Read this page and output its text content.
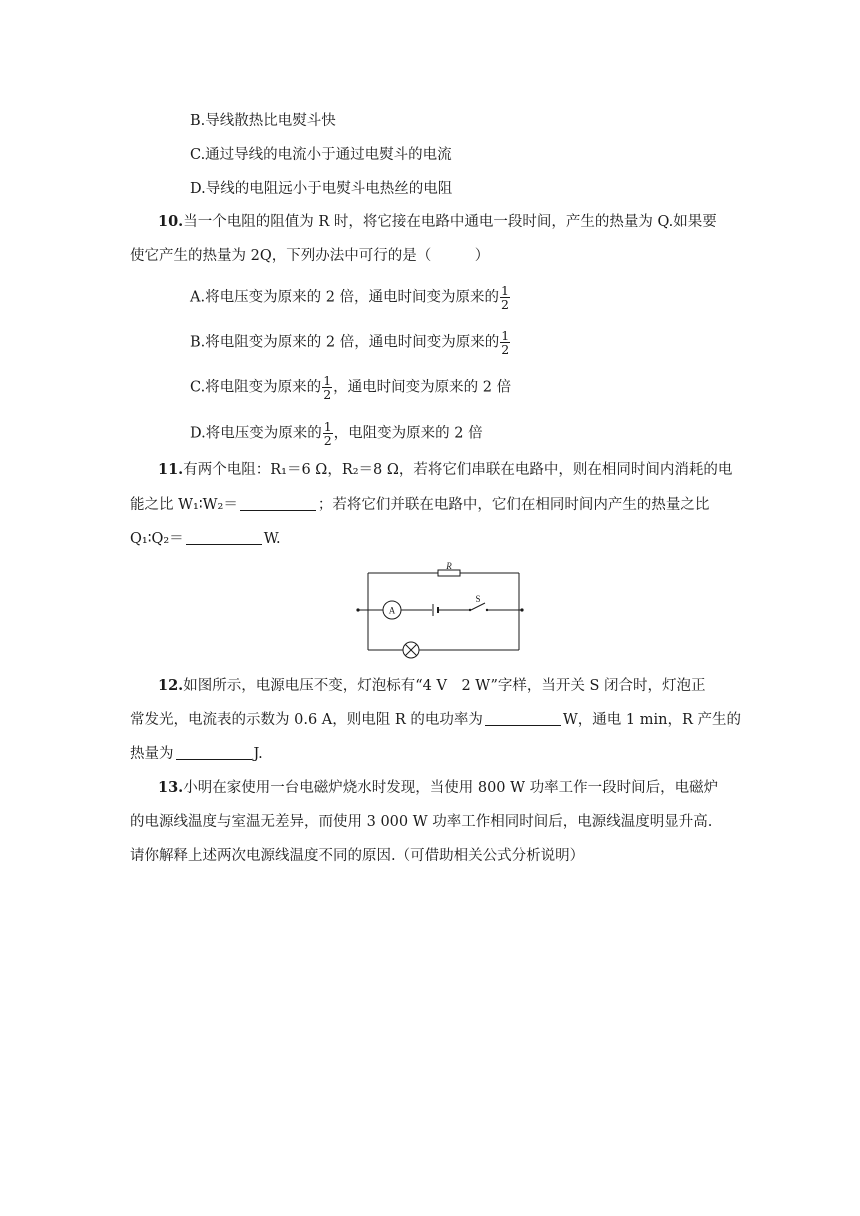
B.导线散热比电熨斗快
C.通过导线的电流小于通过电熨斗的电流
D.导线的电阻远小于电熨斗电热丝的电阻
10.当一个电阻的阻值为 R 时，将它接在电路中通电一段时间，产生的热量为 Q.如果要
使它产生的热量为 2Q，下列办法中可行的是（　　　）
A.将电压变为原来的 2 倍，通电时间变为原来的 $\frac{1}{2}$
B.将电阻变为原来的 2 倍，通电时间变为原来的 $\frac{1}{2}$
C.将电阻变为原来的 $\frac{1}{2}$ ，通电时间变为原来的 2 倍
D.将电压变为原来的 $\frac{1}{2}$ ，电阻变为原来的 2 倍
11.有两个电阻：R₁＝6 Ω，R₂＝8 Ω，若将它们串联在电路中，则在相同时间内消耗的电
能之比 W₁∶W₂＝	；若将它们并联在电路中，它们在相同时间内产生的热量之比
Q₁∶Q₂＝	W.
R
A
S
12.如图所示，电源电压不变，灯泡标有“4 V　2 W”字样，当开关 S 闭合时，灯泡正
常发光，电流表的示数为 0.6 A，则电阻 R 的电功率为	W，通电 1 min，R 产生的
热量为	J.
13.小明在家使用一台电磁炉烧水时发现，当使用 800 W 功率工作一段时间后，电磁炉
的电源线温度与室温无差异，而使用 3 000 W 功率工作相同时间后，电源线温度明显升高.
请你解释上述两次电源线温度不同的原因.（可借助相关公式分析说明）
